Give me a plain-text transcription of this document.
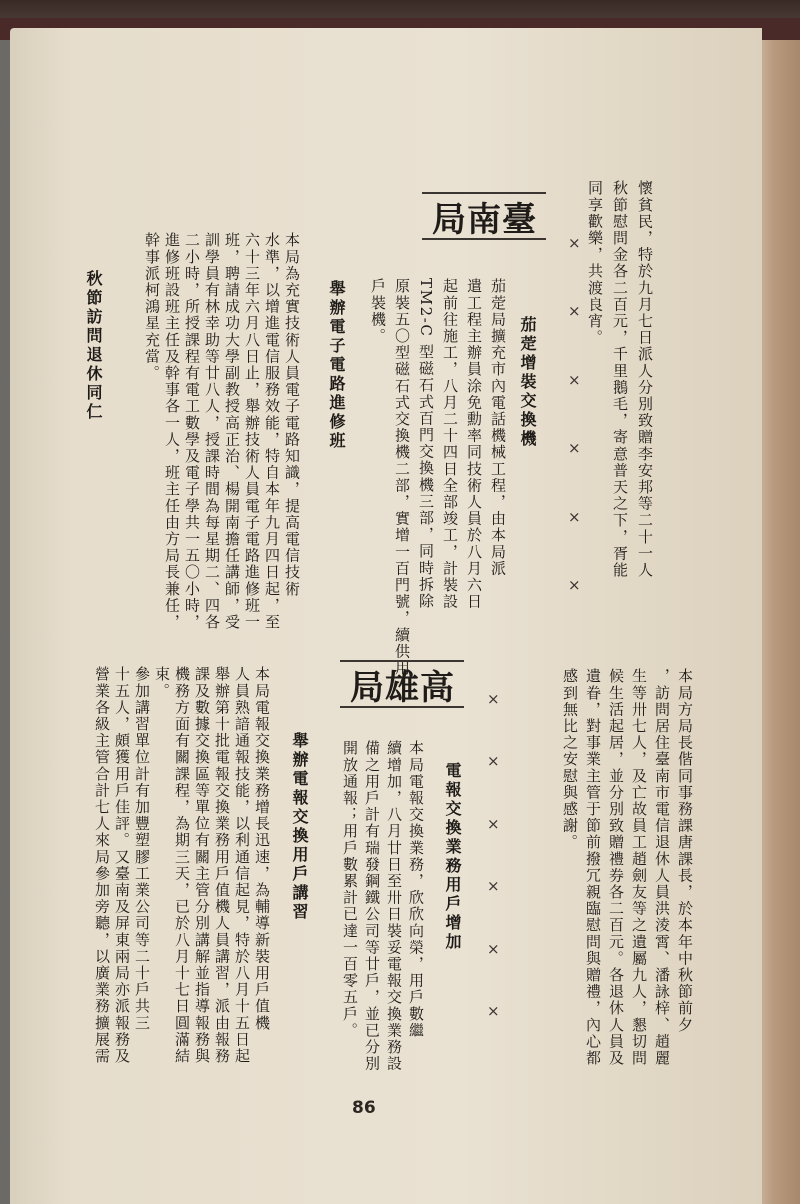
懷貧民，特於九月七日派人分別致贈李安邦等二十一人
秋節慰問金各二百元，千里鵝毛，寄意普天之下，胥能
同享歡樂，共渡良宵。
局 南 臺
茄萣增裝交換機
茄萣局擴充市內電話機械工程，由本局派
遣工程主辦員涂免勳率同技術人員於八月六日
起前往施工，八月二十四日全部竣工，計裝設
TM2-C 型磁石式百門交換機三部，同時拆除
原裝五〇型磁石式交換機二部，實增一百門號，續供用
戶裝機。
舉辦電子電路進修班
本局為充實技術人員電子電路知識，提高電信技術
水準，以增進電信服務效能，特自本年九月四日起，至
六十三年六月八日止，舉辦技術人員電子電路進修班一
班，聘請成功大學副教授高正治、楊開南擔任講師，受
訓學員有林幸助等廿八人，授課時間為每星期二、四各
二小時，所授課程有電工數學及電子學共一五〇小時，
進修班設班主任及幹事各一人，班主任由方局長兼任，
幹事派柯鴻星充當。
秋節訪問退休同仁
本局方局長偕同事務課唐課長，於本年中秋節前夕
，訪問居住臺南市電信退休人員洪淩霄、潘詠梓、趙麗
生等卅七人，及亡故員工趙劍友等之遺屬九人，懇切問
候生活起居，並分別致贈禮券各二百元。各退休人員及
遺眷，對事業主管于節前撥冗親臨慰問與贈禮，內心都
感到無比之安慰與感謝。
局 雄 高
電報交換業務用戶增加
本局電報交換業務，欣欣向榮，用戶數繼
續增加，八月廿日至卅日裝妥電報交換業務設
備之用戶計有瑞發鋼鐵公司等廿戶，並已分別
開放通報；用戶數累計已達一百零五戶。
舉辦電報交換用戶講習
本局電報交換業務增長迅速，為輔導新裝用戶值機
人員熟諳通報技能，以利通信起見，特於八月十五日起
舉辦第十批電報交換業務用戶值機人員講習，派由報務
課及數據交換區等單位有關主管分別講解並指導報務與
機務方面有關課程，為期三天，已於八月十七日圓滿結
束。
參加講習單位計有加豐塑膠工業公司等二十戶共三
十五人，頗獲用戶佳評。又臺南及屏東兩局亦派報務及
營業各級主管合計七人來局參加旁聽，以廣業務擴展需
×
×
×
×
×
×
×
×
×
×
×
×
86
